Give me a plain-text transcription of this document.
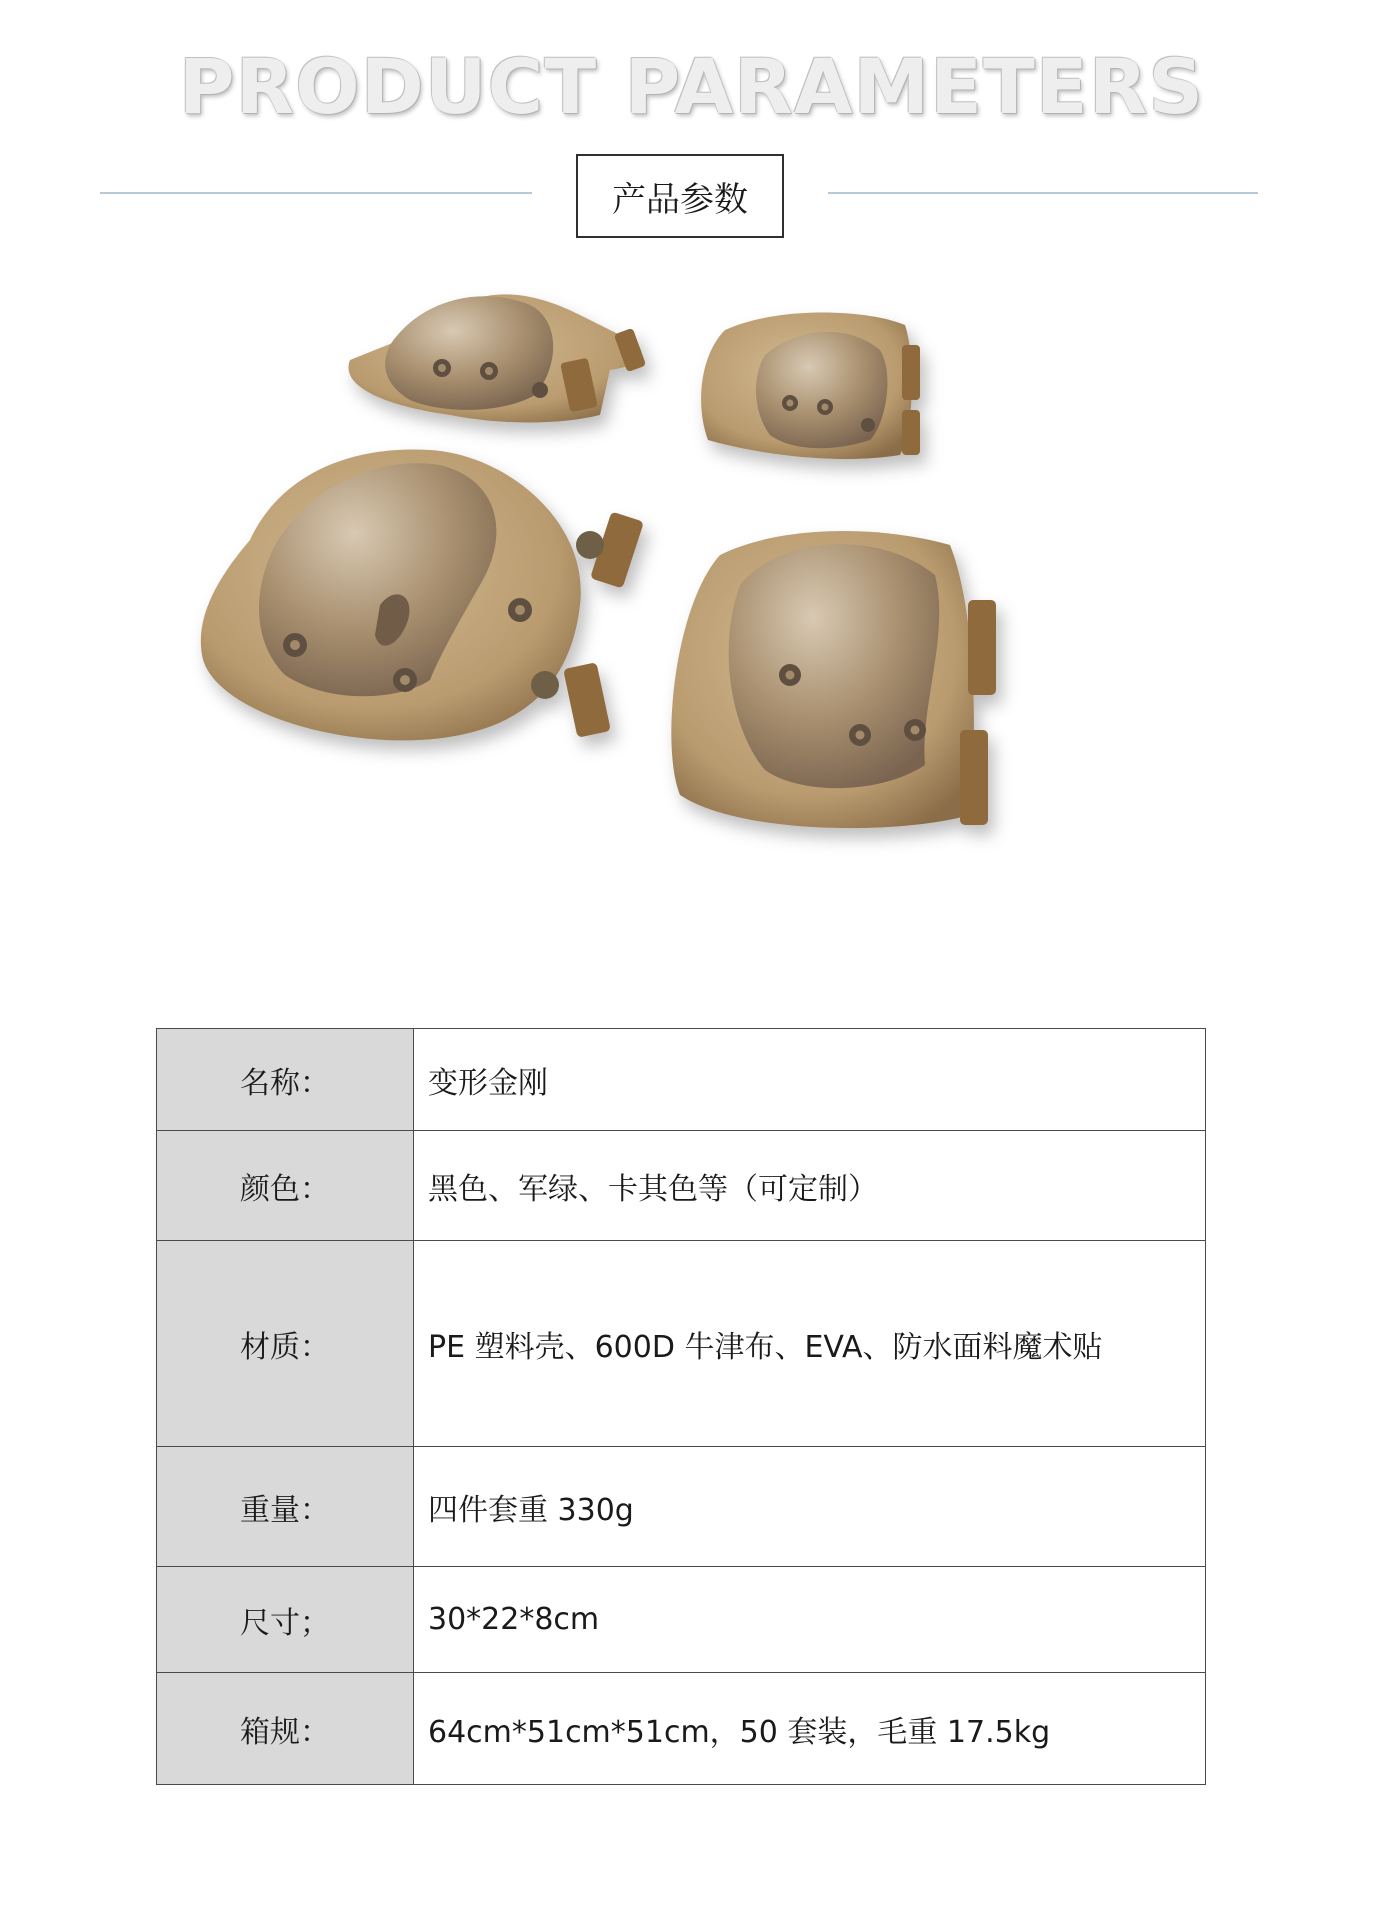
PRODUCT PARAMETERS
产品参数
名称：	变形金刚
颜色：	黑色、军绿、卡其色等（可定制）
材质：	PE 塑料壳、600D 牛津布、EVA、防水面料魔术贴
重量：	四件套重 330g
尺寸；	30*22*8cm
箱规：	64cm*51cm*51cm，50 套装，毛重 17.5kg
